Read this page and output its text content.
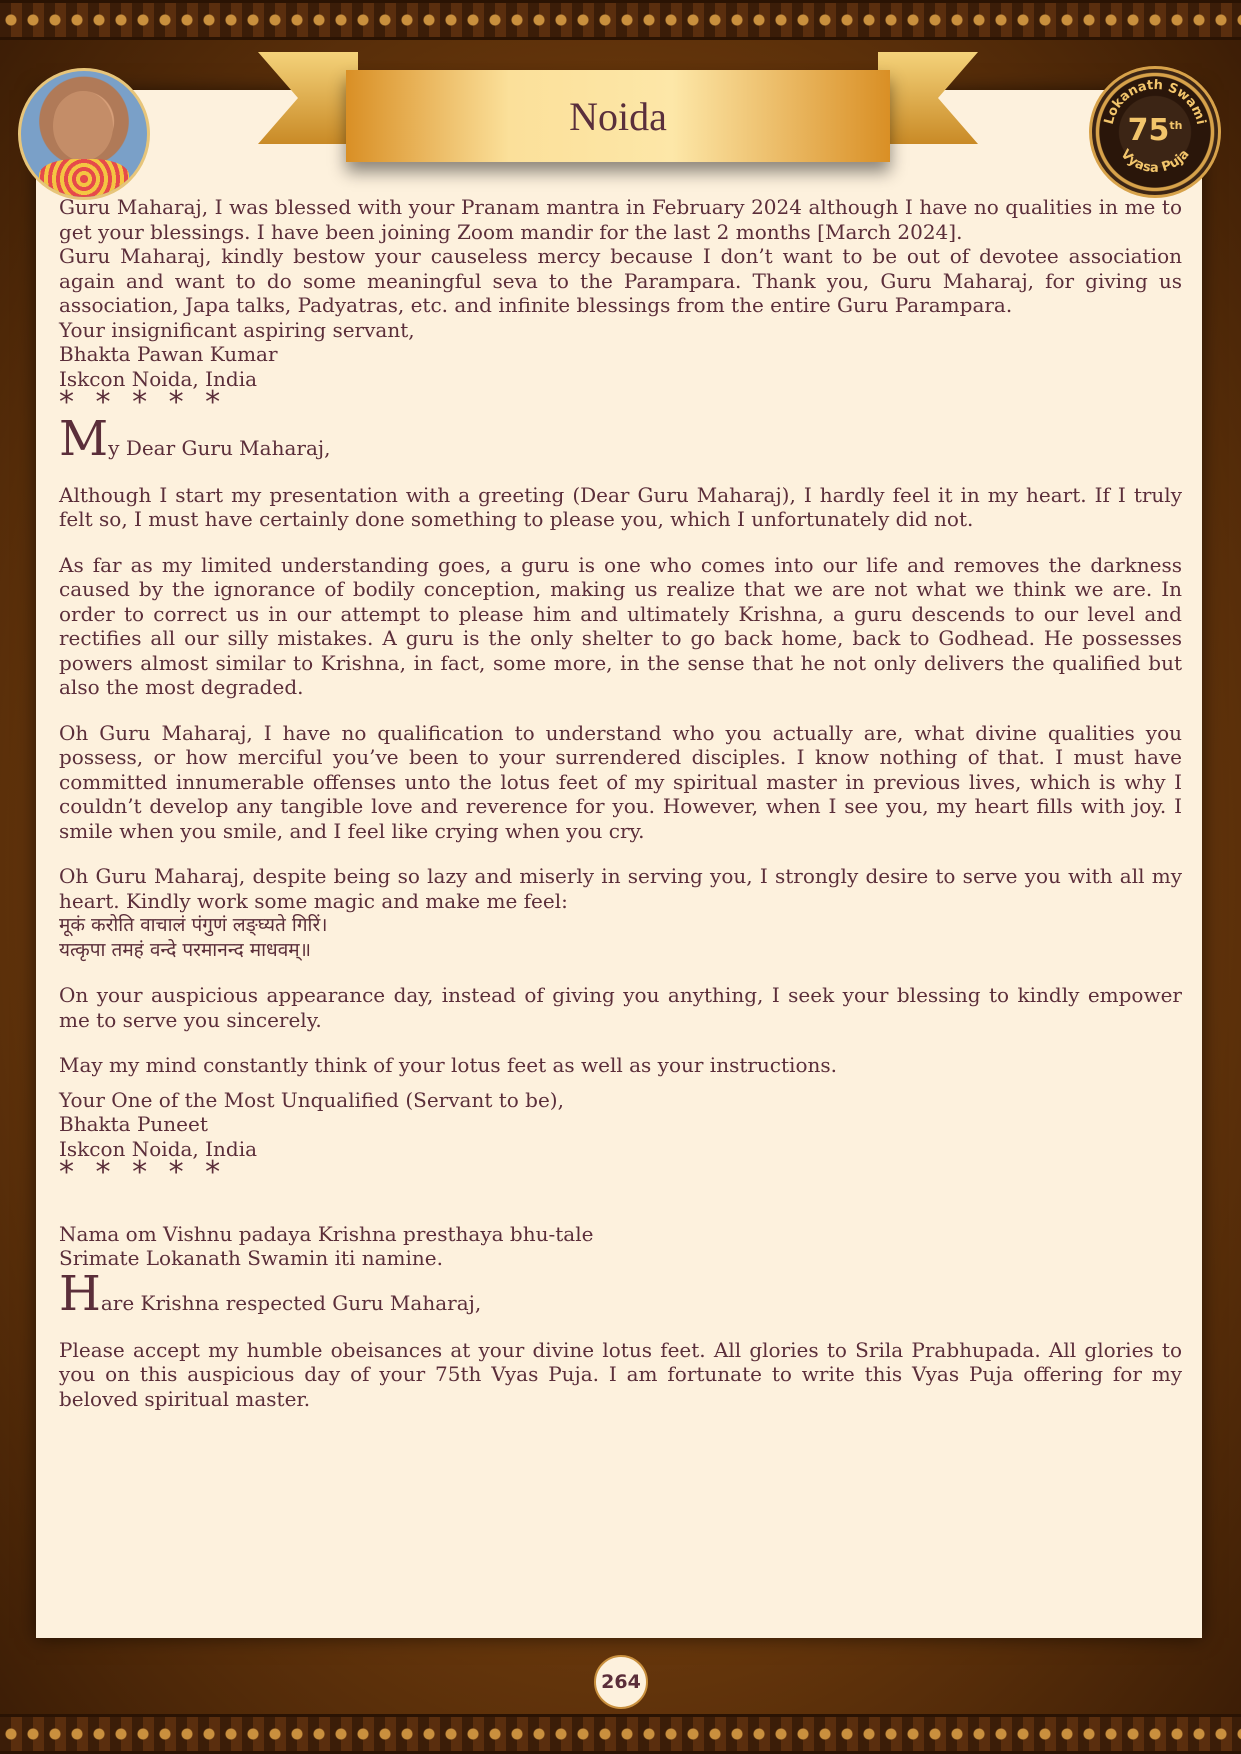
Noida	Lokanath Swami
Vyasa Puja
75th

Guru Maharaj, I was blessed with your Pranam mantra in February 2024 although I have no qualities in me to get your blessings. I have been joining Zoom mandir for the last 2 months [March 2024].

Guru Maharaj, kindly bestow your causeless mercy because I don’t want to be out of devotee association again and want to do some meaningful seva to the Parampara. Thank you, Guru Maharaj, for giving us association, Japa talks, Padyatras, etc. and infinite blessings from the entire Guru Parampara.

Your insignificant aspiring servant,

Bhakta Pawan Kumar

Iskcon Noida, India

* * * * *

My Dear Guru Maharaj,

Although I start my presentation with a greeting (Dear Guru Maharaj), I hardly feel it in my heart. If I truly felt so, I must have certainly done something to please you, which I unfortunately did not.

As far as my limited understanding goes, a guru is one who comes into our life and removes the darkness caused by the ignorance of bodily conception, making us realize that we are not what we think we are. In order to correct us in our attempt to please him and ultimately Krishna, a guru descends to our level and rectifies all our silly mistakes. A guru is the only shelter to go back home, back to Godhead. He possesses powers almost similar to Krishna, in fact, some more, in the sense that he not only delivers the qualified but also the most degraded.

Oh Guru Maharaj, I have no qualification to understand who you actually are, what divine qualities you possess, or how merciful you’ve been to your surrendered disciples. I know nothing of that. I must have committed innumerable offenses unto the lotus feet of my spiritual master in previous lives, which is why I couldn’t develop any tangible love and reverence for you. However, when I see you, my heart fills with joy. I smile when you smile, and I feel like crying when you cry.

Oh Guru Maharaj, despite being so lazy and miserly in serving you, I strongly desire to serve you with all my heart. Kindly work some magic and make me feel:

मूकं करोति वाचालं पंगुणं लङ्घ्यते गिरिं।

यत्कृपा तमहं वन्दे परमानन्द माधवम्॥

On your auspicious appearance day, instead of giving you anything, I seek your blessing to kindly empower me to serve you sincerely.

May my mind constantly think of your lotus feet as well as your instructions.

Your One of the Most Unqualified (Servant to be),

Bhakta Puneet

Iskcon Noida, India

* * * * *

Nama om Vishnu padaya Krishna presthaya bhu-tale

Srimate Lokanath Swamin iti namine.

Hare Krishna respected Guru Maharaj,

Please accept my humble obeisances at your divine lotus feet. All glories to Srila Prabhupada. All glories to you on this auspicious day of your 75th Vyas Puja. I am fortunate to write this Vyas Puja offering for my beloved spiritual master.

264
